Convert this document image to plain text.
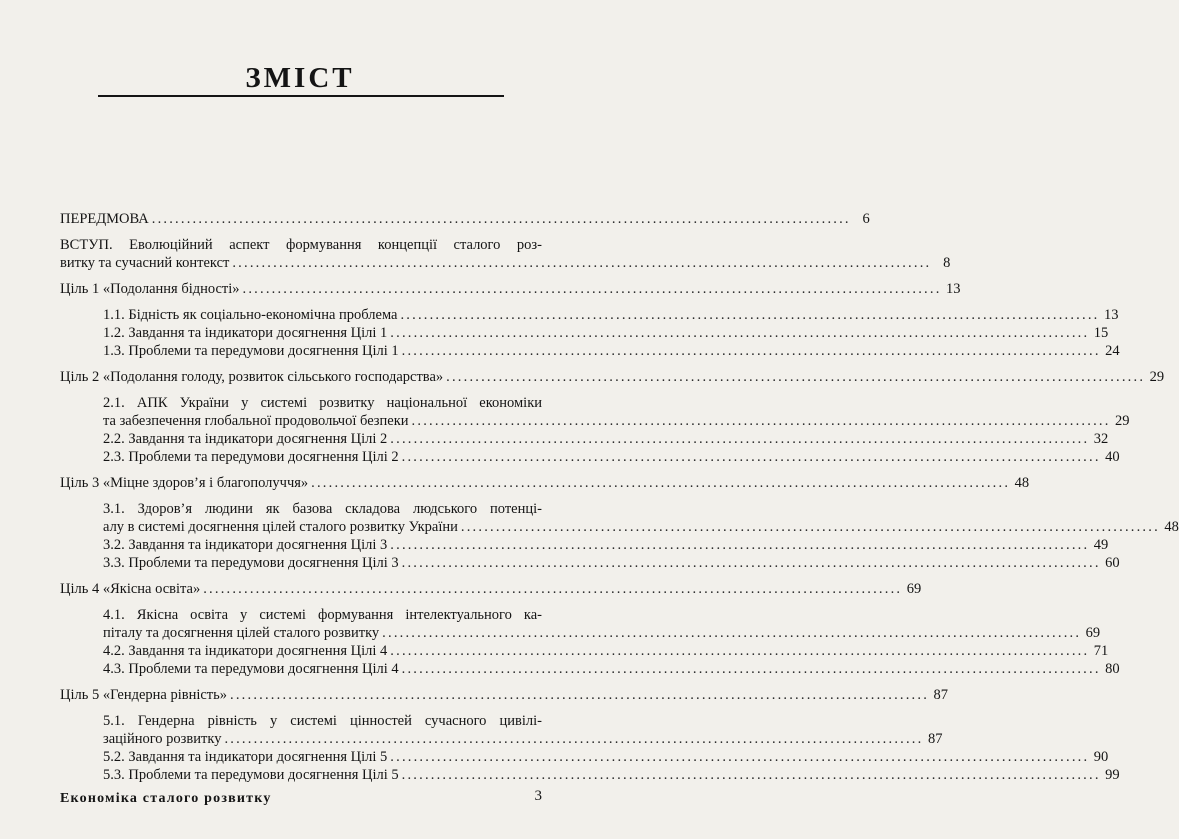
ЗМІСТ
ПЕРЕДМОВА ........................................................................................................................ 6
ВСТУП. Еволюційний аспект формування концепції сталого роз-
витку та сучасний контекст ........................................................................................................................ 8
Ціль 1 «Подолання бідності» ........................................................................................................................ 13
1.1. Бідність як соціально-економічна проблема ........................................................................................................................ 13
1.2. Завдання та індикатори досягнення Цілі 1 ........................................................................................................................ 15
1.3. Проблеми та передумови досягнення Цілі 1 ........................................................................................................................ 24
Ціль 2 «Подолання голоду, розвиток сільського господарства» ........................................................................................................................ 29
2.1. АПК України у системі розвитку національної економіки
та забезпечення глобальної продовольчої безпеки ........................................................................................................................ 29
2.2. Завдання та індикатори досягнення Цілі 2 ........................................................................................................................ 32
2.3. Проблеми та передумови досягнення Цілі 2 ........................................................................................................................ 40
Ціль 3 «Міцне здоров’я і благополуччя» ........................................................................................................................ 48
3.1. Здоров’я людини як базова складова людського потенці-
алу в системі досягнення цілей сталого розвитку України ........................................................................................................................ 48
3.2. Завдання та індикатори досягнення Цілі 3 ........................................................................................................................ 49
3.3. Проблеми та передумови досягнення Цілі 3 ........................................................................................................................ 60
Ціль 4 «Якісна освіта» ........................................................................................................................ 69
4.1. Якісна освіта у системі формування інтелектуального ка-
піталу та досягнення цілей сталого розвитку ........................................................................................................................ 69
4.2. Завдання та індикатори досягнення Цілі 4 ........................................................................................................................ 71
4.3. Проблеми та передумови досягнення Цілі 4 ........................................................................................................................ 80
Ціль 5 «Гендерна рівність» ........................................................................................................................ 87
5.1. Гендерна рівність у системі цінностей сучасного цивілі-
заційного розвитку ........................................................................................................................ 87
5.2. Завдання та індикатори досягнення Цілі 5 ........................................................................................................................ 90
5.3. Проблеми та передумови досягнення Цілі 5 ........................................................................................................................ 99
Економіка сталого розвитку	3
